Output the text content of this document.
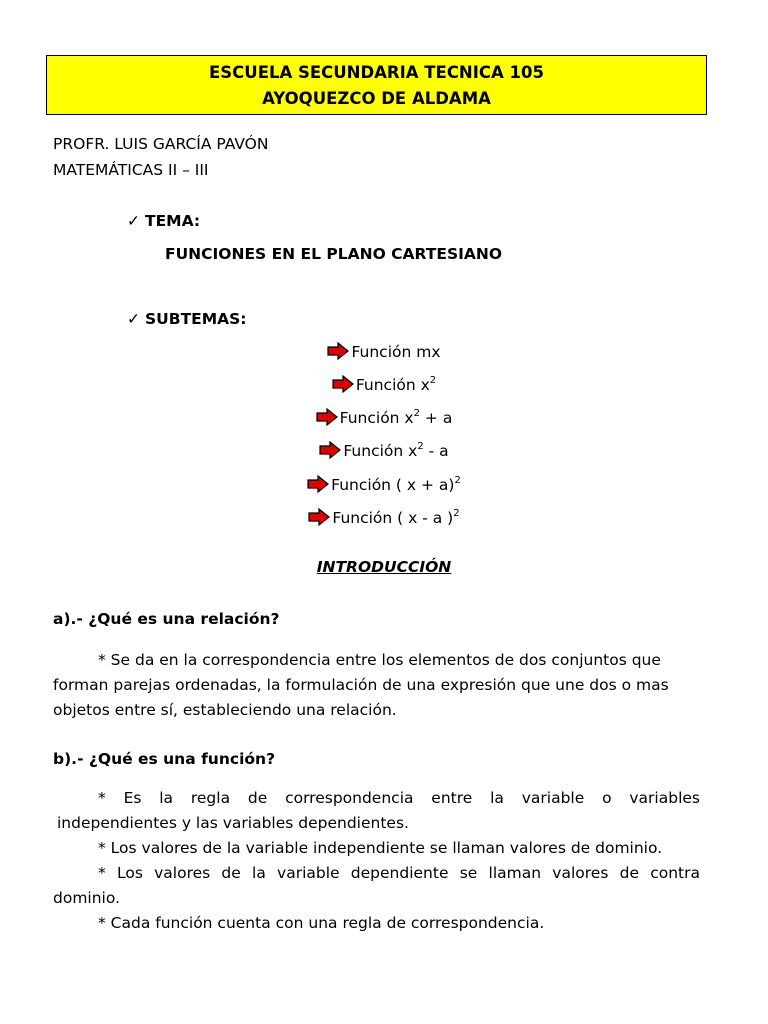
ESCUELA SECUNDARIA TECNICA 105
AYOQUEZCO DE ALDAMA
PROFR. LUIS GARCÍA PAVÓN
MATEMÁTICAS II – III
✓ TEMA:
FUNCIONES EN EL PLANO CARTESIANO
✓ SUBTEMAS:
Función mx
Función $x^2$
Función $x^2 + a$
Función $x^2$ - a
Función ( x + a)$^2$
Función ( x - a )$^2$
INTRODUCCIÓN
a).- ¿Qué es una relación?
* Se da en la correspondencia entre los elementos de dos conjuntos que
forman parejas ordenadas, la formulación de una expresión que une dos o mas
objetos entre sí, estableciendo una relación.
b).- ¿Qué es una función?
* Es la regla de correspondencia entre la variable o variables
independientes y las variables dependientes.
* Los valores de la variable independiente se llaman valores de dominio.
* Los valores de la variable dependiente se llaman valores de contra
dominio.
* Cada función cuenta con una regla de correspondencia.
